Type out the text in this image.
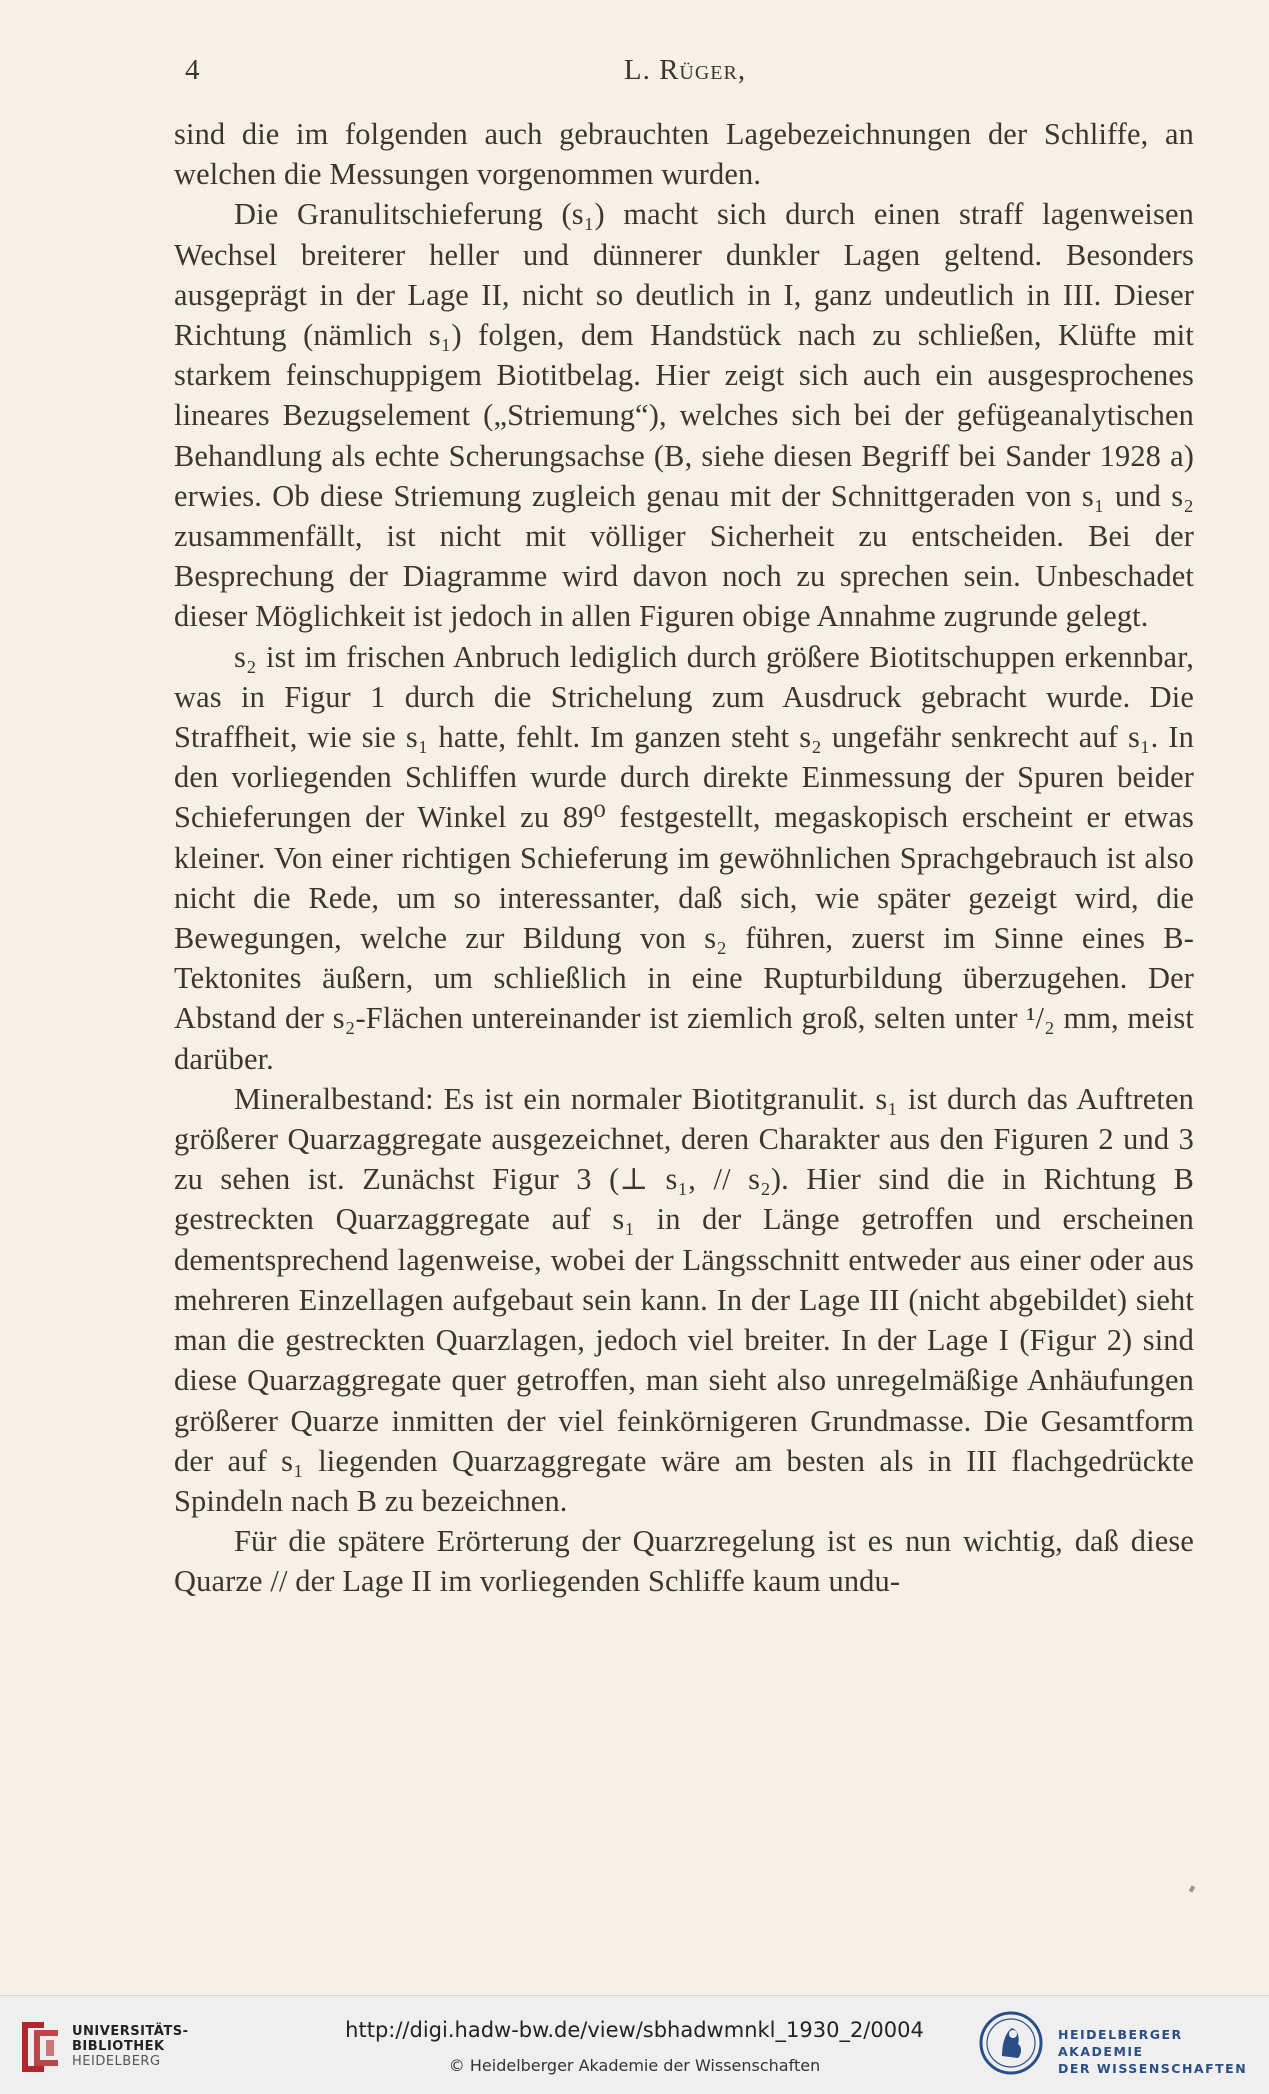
4	L. Rüger,

sind die im folgenden auch gebrauchten Lagebezeichnungen der Schliffe, an welchen die Messungen vorgenommen wurden.

Die Granulitschieferung (s₁) macht sich durch einen straff lagenweisen Wechsel breiterer heller und dünnerer dunkler Lagen geltend. Besonders ausgeprägt in der Lage II, nicht so deutlich in I, ganz undeutlich in III. Dieser Richtung (nämlich s₁) folgen, dem Handstück nach zu schließen, Klüfte mit starkem feinschuppigem Biotitbelag. Hier zeigt sich auch ein ausgesprochenes lineares Bezugselement („Striemung“), welches sich bei der gefügeanalytischen Behandlung als echte Scherungsachse (B, siehe diesen Begriff bei Sander 1928 a) erwies. Ob diese Striemung zugleich genau mit der Schnittgeraden von s₁ und s₂ zusammenfällt, ist nicht mit völliger Sicherheit zu entscheiden. Bei der Besprechung der Diagramme wird davon noch zu sprechen sein. Unbeschadet dieser Möglichkeit ist jedoch in allen Figuren obige Annahme zugrunde gelegt.

s₂ ist im frischen Anbruch lediglich durch größere Biotitschuppen erkennbar, was in Figur 1 durch die Strichelung zum Ausdruck gebracht wurde. Die Straffheit, wie sie s₁ hatte, fehlt. Im ganzen steht s₂ ungefähr senkrecht auf s₁. In den vorliegenden Schliffen wurde durch direkte Einmessung der Spuren beider Schieferungen der Winkel zu 89⁰ festgestellt, megaskopisch erscheint er etwas kleiner. Von einer richtigen Schieferung im gewöhnlichen Sprachgebrauch ist also nicht die Rede, um so interessanter, daß sich, wie später gezeigt wird, die Bewegungen, welche zur Bildung von s₂ führen, zuerst im Sinne eines B-Tektonites äußern, um schließlich in eine Rupturbildung überzugehen. Der Abstand der s₂-Flächen untereinander ist ziemlich groß, selten unter ¹/₂ mm, meist darüber.

Mineralbestand: Es ist ein normaler Biotitgranulit. s₁ ist durch das Auftreten größerer Quarzaggregate ausgezeichnet, deren Charakter aus den Figuren 2 und 3 zu sehen ist. Zunächst Figur 3 (⊥ s₁, // s₂). Hier sind die in Richtung B gestreckten Quarzaggregate auf s₁ in der Länge getroffen und erscheinen dementsprechend lagenweise, wobei der Längsschnitt entweder aus einer oder aus mehreren Einzellagen aufgebaut sein kann. In der Lage III (nicht abgebildet) sieht man die gestreckten Quarzlagen, jedoch viel breiter. In der Lage I (Figur 2) sind diese Quarzaggregate quer getroffen, man sieht also unregelmäßige Anhäufungen größerer Quarze inmitten der viel feinkörnigeren Grundmasse. Die Gesamtform der auf s₁ liegenden Quarzaggregate wäre am besten als in III flachgedrückte Spindeln nach B zu bezeichnen.

Für die spätere Erörterung der Quarzregelung ist es nun wichtig, daß diese Quarze // der Lage II im vorliegenden Schliffe kaum undu-

UNIVERSITÄTS-
BIBLIOTHEK
HEIDELBERG
http://digi.hadw-bw.de/view/sbhadwmnkl_1930_2/0004
© Heidelberger Akademie der Wissenschaften
HEIDELBERGER AKADEMIE
DER WISSENSCHAFTEN
